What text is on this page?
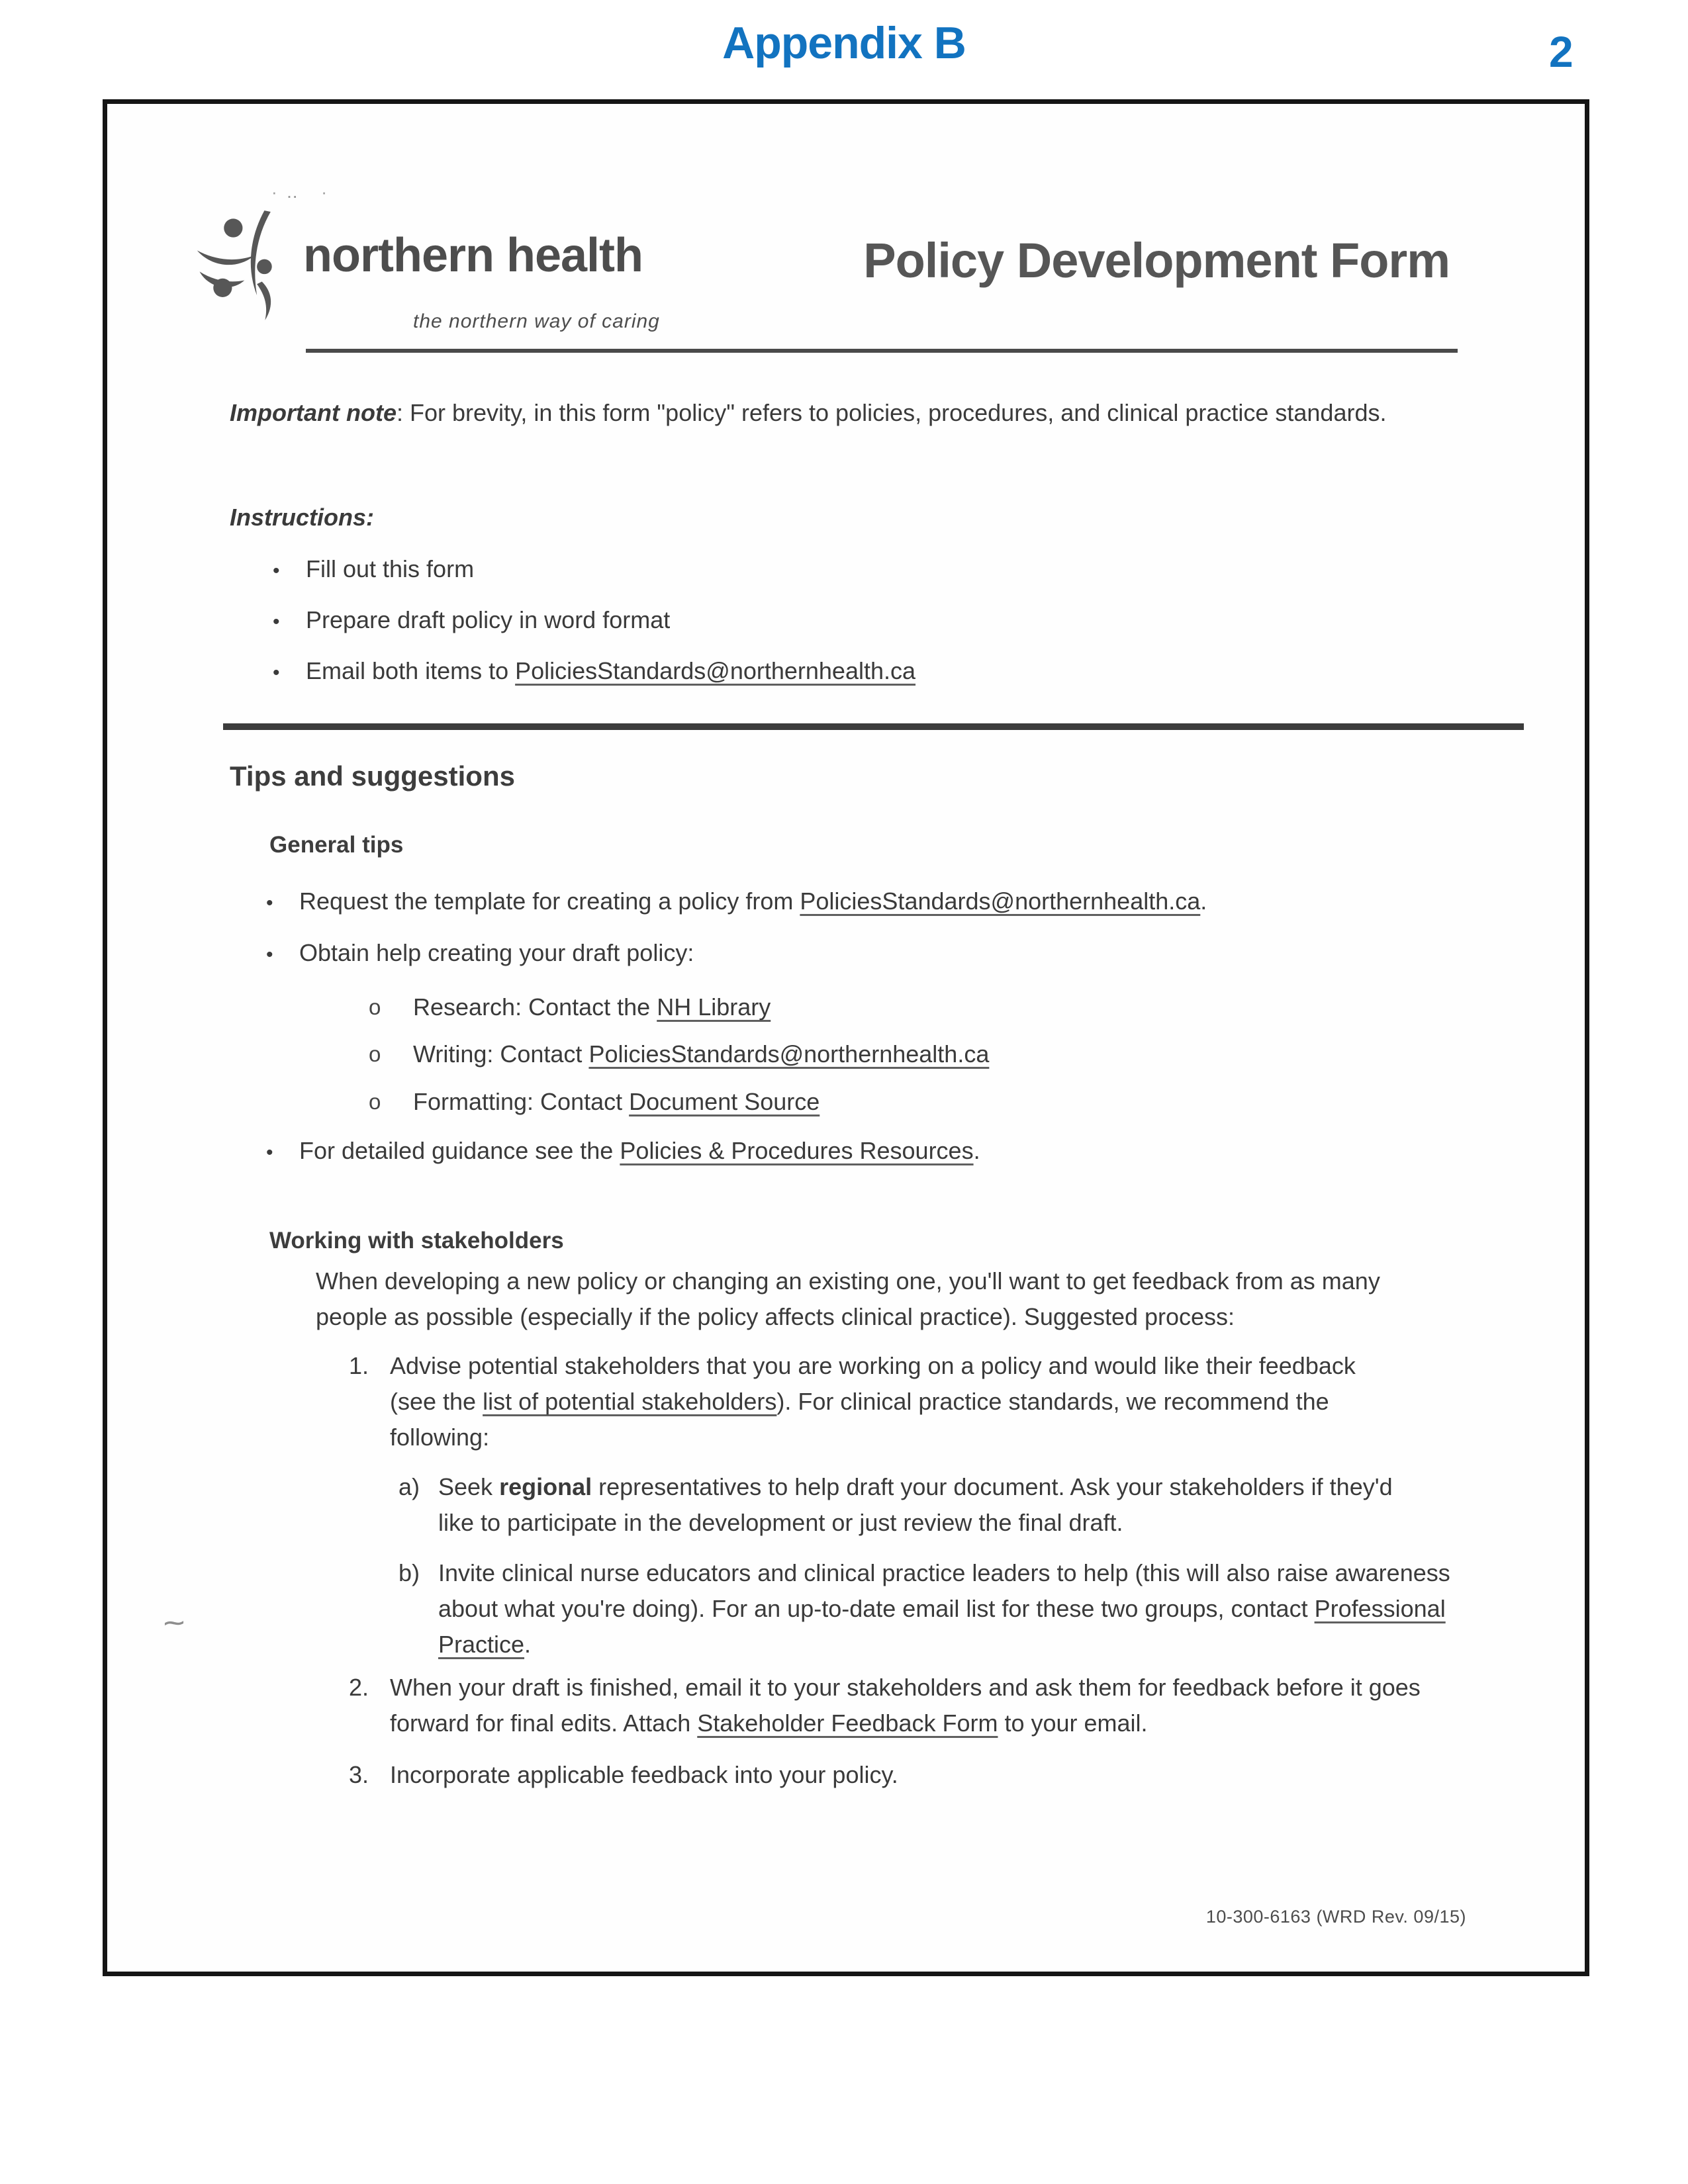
Appendix B	2
·‥ ·
northern health
the northern way of caring
Policy Development Form
Important note: For brevity, in this form "policy" refers to policies, procedures, and clinical practice standards.
Instructions:
•	Fill out this form
•	Prepare draft policy in word format
•	Email both items to PoliciesStandards@northernhealth.ca
Tips and suggestions
General tips
•	Request the template for creating a policy from PoliciesStandards@northernhealth.ca.
•	Obtain help creating your draft policy:
o	Research: Contact the NH Library
o	Writing: Contact PoliciesStandards@northernhealth.ca
o	Formatting: Contact Document Source
•	For detailed guidance see the Policies & Procedures Resources.
Working with stakeholders
When developing a new policy or changing an existing one, you'll want to get feedback from as many people as possible (especially if the policy affects clinical practice). Suggested process:
1. Advise potential stakeholders that you are working on a policy and would like their feedback (see the list of potential stakeholders). For clinical practice standards, we recommend the following:
a) Seek regional representatives to help draft your document. Ask your stakeholders if they'd like to participate in the development or just review the final draft.
b) Invite clinical nurse educators and clinical practice leaders to help (this will also raise awareness about what you're doing). For an up-to-date email list for these two groups, contact Professional Practice.
2. When your draft is finished, email it to your stakeholders and ask them for feedback before it goes forward for final edits. Attach Stakeholder Feedback Form to your email.
3. Incorporate applicable feedback into your policy.
⁓
10-300-6163 (WRD Rev. 09/15)
